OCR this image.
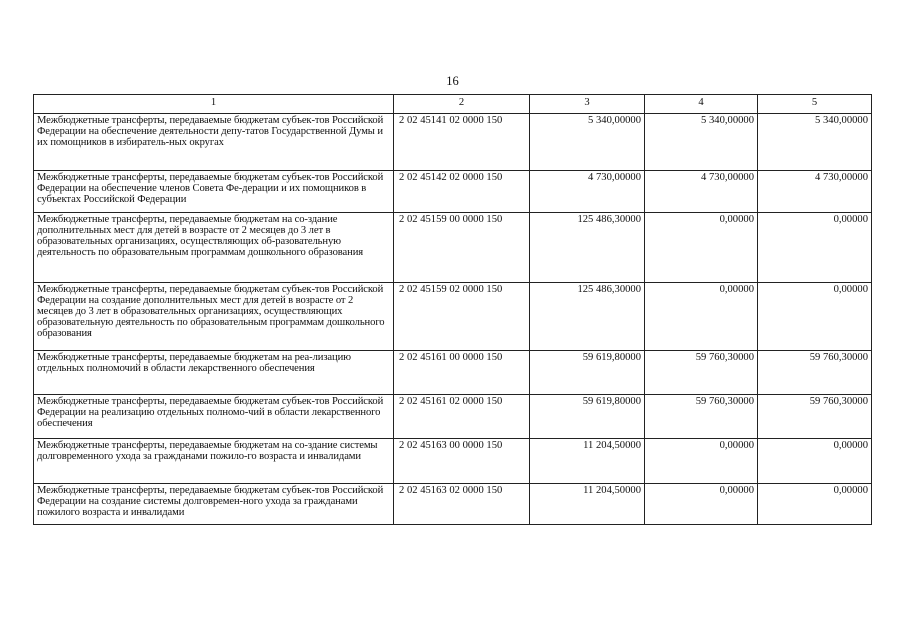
16
1	2	3	4	5
Межбюджетные трансферты, передаваемые бюджетам субъек-тов Российской Федерации на обеспечение деятельности депу-татов Государственной Думы и их помощников в избиратель-ных округах	2 02 45141 02 0000 150	5 340,00000	5 340,00000	5 340,00000
Межбюджетные трансферты, передаваемые бюджетам субъек-тов Российской Федерации на обеспечение членов Совета Фе-дерации и их помощников в субъектах Российской Федерации	2 02 45142 02 0000 150	4 730,00000	4 730,00000	4 730,00000
Межбюджетные трансферты, передаваемые бюджетам на со-здание дополнительных мест для детей в возрасте от 2 месяцев до 3 лет в образовательных организациях, осуществляющих об-разовательную деятельность по образовательным программам дошкольного образования	2 02 45159 00 0000 150	125 486,30000	0,00000	0,00000
Межбюджетные трансферты, передаваемые бюджетам субъек-тов Российской Федерации на создание дополнительных мест для детей в возрасте от 2 месяцев до 3 лет в образовательных организациях, осуществляющих образовательную деятельность по образовательным программам дошкольного образования	2 02 45159 02 0000 150	125 486,30000	0,00000	0,00000
Межбюджетные трансферты, передаваемые бюджетам на реа-лизацию отдельных полномочий в области лекарственного обеспечения	2 02 45161 00 0000 150	59 619,80000	59 760,30000	59 760,30000
Межбюджетные трансферты, передаваемые бюджетам субъек-тов Российской Федерации на реализацию отдельных полномо-чий в области лекарственного обеспечения	2 02 45161 02 0000 150	59 619,80000	59 760,30000	59 760,30000
Межбюджетные трансферты, передаваемые бюджетам на со-здание системы долговременного ухода за гражданами пожило-го возраста и инвалидами	2 02 45163 00 0000 150	11 204,50000	0,00000	0,00000
Межбюджетные трансферты, передаваемые бюджетам субъек-тов Российской Федерации на создание системы долговремен-ного ухода за гражданами пожилого возраста и инвалидами	2 02 45163 02 0000 150	11 204,50000	0,00000	0,00000
